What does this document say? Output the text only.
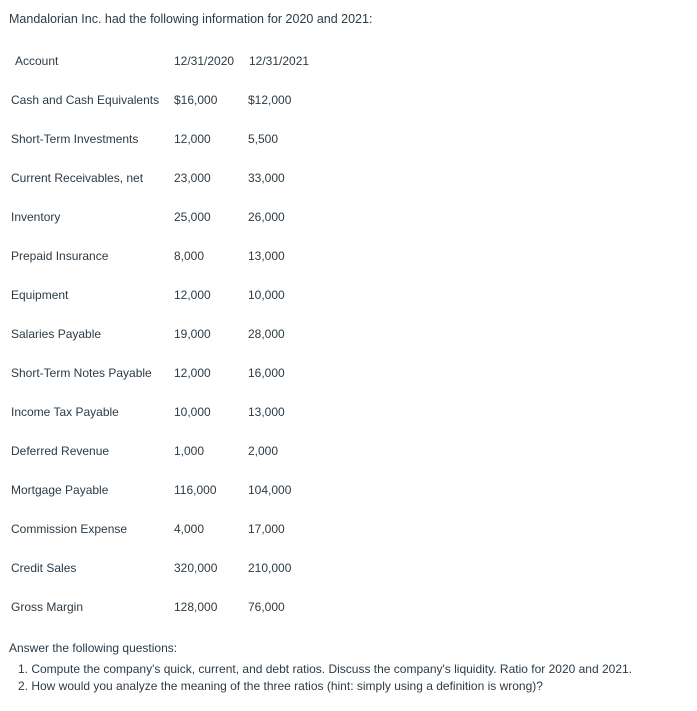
Mandalorian Inc. had the following information for 2020 and 2021:
Account	12/31/2020 12/31/2021
Cash and Cash Equivalents $16,000	$12,000
Short-Term Investments	12,000	5,500
Current Receivables, net	23,000	33,000
Inventory	25,000	26,000
Prepaid Insurance	8,000	13,000
Equipment	12,000	10,000
Salaries Payable	19,000	28,000
Short-Term Notes Payable 12,000	16,000
Income Tax Payable	10,000	13,000
Deferred Revenue	1,000	2,000
Mortgage Payable	116,000	104,000
Commission Expense	4,000	17,000
Credit Sales	320,000	210,000
Gross Margin	128,000	76,000
Answer the following questions:
1. Compute the company's quick, current, and debt ratios. Discuss the company's liquidity. Ratio for 2020 and 2021.
2. How would you analyze the meaning of the three ratios (hint: simply using a definition is wrong)?
